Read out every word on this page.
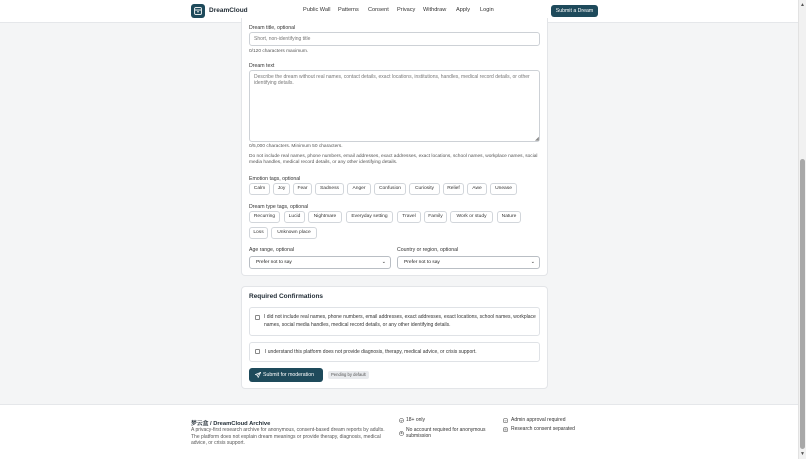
DreamCloud	Public Wall Patterns Consent Privacy Withdraw Apply Login	Submit a Dream
Dream title, optional
Short, non-identifying title
0/120 characters maximum.
Dream text
Describe the dream without real names, contact details, exact locations, institutions, handles, medical record details, or other identifying details.
◢
0/5,000 characters. Minimum 50 characters.
Do not include real names, phone numbers, email addresses, exact addresses, exact locations, school names, workplace names, social media handles, medical record details, or any other identifying details.
Emotion tags, optional
Calm	Joy	Fear	Sadness	Anger	Confusion	Curiosity	Relief	Awe	Unease
Dream type tags, optional
Recurring	Lucid	Nightmare	Everyday setting	Travel	Family	Work or study	Nature
Loss	Unknown place
Age range, optional
Prefer not to say	⌄
Country or region, optional
Prefer not to say	⌄
Required Confirmations
I did not include real names, phone numbers, email addresses, exact addresses, exact locations, school names, workplace names, social media handles, medical record details, or any other identifying details.
I understand this platform does not provide diagnosis, therapy, medical advice, or crisis support.
Submit for moderation	Pending by default
梦云盒 / DreamCloud Archive
A privacy-first research archive for anonymous, consent-based dream reports by adults. The platform does not explain dream meanings or provide therapy, diagnosis, medical advice, or crisis support.
18+ only
No account required for anonymous submission
Admin approval required
Research consent separated
▲
▼
